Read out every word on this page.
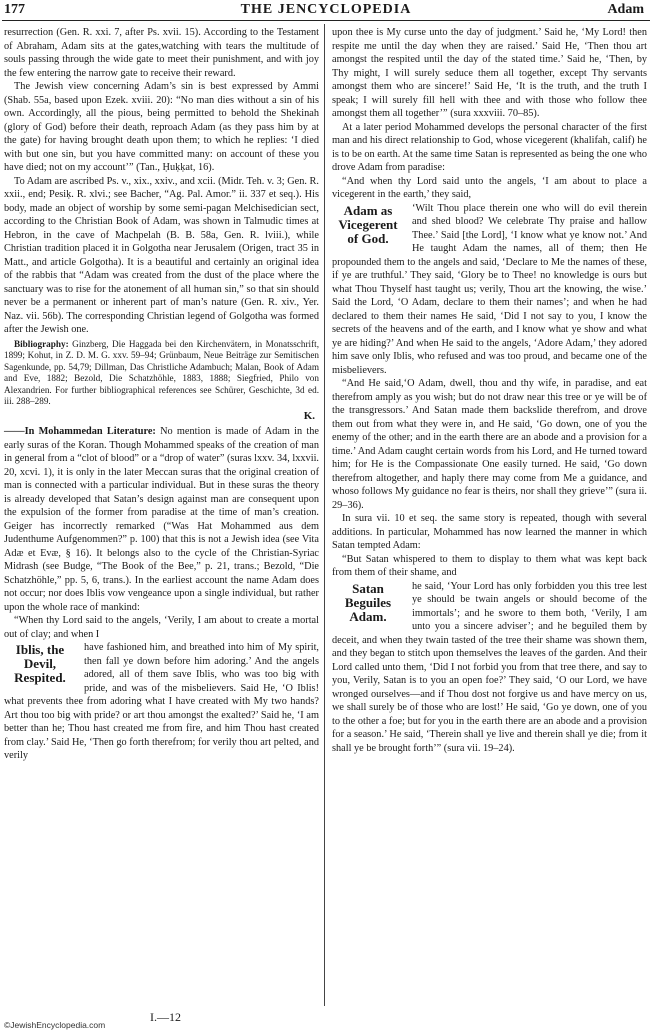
177	THE JENCYCLOPEDIA	Adam

resurrection (Gen. R. xxi. 7, after Ps. xvii. 15). According to the Testament of Abraham, Adam sits at the gates,watching with tears the multitude of souls passing through the wide gate to meet their punishment, and with joy the few entering the narrow gate to receive their reward.

The Jewish view concerning Adam’s sin is best expressed by Ammi (Shab. 55a, based upon Ezek. xviii. 20): “No man dies without a sin of his own. Accordingly, all the pious, being permitted to behold the Shekinah (glory of God) before their death, reproach Adam (as they pass him by at the gate) for having brought death upon them; to which he replies: ‘I died with but one sin, but you have committed many: on account of these you have died; not on my account’” (Tan., Ḥuḳḳat, 16).

To Adam are ascribed Ps. v., xix., xxiv., and xcii. (Midr. Teh. v. 3; Gen. R. xxii., end; Pesiḳ. R. xlvi.; see Bacher, “Ag. Pal. Amor.” ii. 337 et seq.). His body, made an object of worship by some semi-pagan Melchisedician sect, according to the Christian Book of Adam, was shown in Talmudic times at Hebron, in the cave of Machpelah (B. B. 58a, Gen. R. lviii.), while Christian tradition placed it in Golgotha near Jerusalem (Origen, tract 35 in Matt., and article Golgotha). It is a beautiful and certainly an original idea of the rabbis that “Adam was created from the dust of the place where the sanctuary was to rise for the atonement of all human sin,” so that sin should never be a permanent or inherent part of man’s nature (Gen. R. xiv., Yer. Naz. vii. 56b). The corresponding Christian legend of Golgotha was formed after the Jewish one.

Bibliography: Ginzberg, Die Haggada bei den Kirchenvätern, in Monatsschrift, 1899; Kohut, in Z. D. M. G. xxv. 59–94; Grünbaum, Neue Beiträge zur Semitischen Sagenkunde, pp. 54,79; Dillman, Das Christliche Adambuch; Malan, Book of Adam and Eve, 1882; Bezold, Die Schatzhöhle, 1883, 1888; Siegfried, Philo von Alexandrien. For further bibliographical references see Schürer, Geschichte, 3d ed. iii. 288–289.

K.

——In Mohammedan Literature: No mention is made of Adam in the early suras of the Koran. Though Mohammed speaks of the creation of man in general from a “clot of blood” or a “drop of water” (suras lxxv. 34, lxxvii. 20, xcvi. 1), it is only in the later Meccan suras that the original creation of man is connected with a particular individual. But in these suras the theory is already developed that Satan’s design against man are consequent upon the expulsion of the former from paradise at the time of man’s creation. Geiger has incorrectly remarked (“Was Hat Mohammed aus dem Judenthume Aufgenommen?” p. 100) that this is not a Jewish idea (see Vita Adæ et Evæ, § 16). It belongs also to the cycle of the Christian-Syriac Midrash (see Budge, “The Book of the Bee,” p. 21, trans.; Bezold, “Die Schatzhöhle,” pp. 5, 6, trans.). In the earliest account the name Adam does not occur; nor does Iblis vow vengeance upon a single individual, but rather upon the whole race of mankind:

“When thy Lord said to the angels, ‘Verily, I am about to create a mortal out of clay; and when I

Iblis, the Devil, Respited.

have fashioned him, and breathed into him of My spirit, then fall ye down before him adoring.’ And the angels adored, all of them save Iblis, who was too big with pride, and was of the misbelievers. Said He, ‘O Iblis! what prevents thee from adoring what I have created with My two hands? Art thou too big with pride? or art thou amongst the exalted?’ Said he, ‘I am better than he; Thou hast created me from fire, and him Thou hast created from clay.’ Said He, ‘Then go forth therefrom; for verily thou art pelted, and verily

upon thee is My curse unto the day of judgment.’ Said he, ‘My Lord! then respite me until the day when they are raised.’ Said He, ‘Then thou art amongst the respited until the day of the stated time.’ Said he, ‘Then, by Thy might, I will surely seduce them all together, except Thy servants amongst them who are sincere!’ Said He, ‘It is the truth, and the truth I speak; I will surely fill hell with thee and with those who follow thee amongst them all together’” (sura xxxviii. 70–85).

At a later period Mohammed develops the personal character of the first man and his direct relationship to God, whose vicegerent (khalifah, calif) he is to be on earth. At the same time Satan is represented as being the one who drove Adam from paradise:

“And when thy Lord said unto the angels, ‘I am about to place a vicegerent in the earth,’ they said,

Adam as Vicegerent of God.

‘Wilt Thou place therein one who will do evil therein and shed blood? We celebrate Thy praise and hallow Thee.’ Said [the Lord], ‘I know what ye know not.’ And He taught Adam the names, all of them; then He propounded them to the angels and said, ‘Declare to Me the names of these, if ye are truthful.’ They said, ‘Glory be to Thee! no knowledge is ours but what Thou Thyself hast taught us; verily, Thou art the knowing, the wise.’ Said the Lord, ‘O Adam, declare to them their names’; and when he had declared to them their names He said, ‘Did I not say to you, I know the secrets of the heavens and of the earth, and I know what ye show and what ye are hiding?’ And when He said to the angels, ‘Adore Adam,’ they adored him save only Iblis, who refused and was too proud, and became one of the misbelievers.

“And He said,‘O Adam, dwell, thou and thy wife, in paradise, and eat therefrom amply as you wish; but do not draw near this tree or ye will be of the transgressors.’ And Satan made them backslide therefrom, and drove them out from what they were in, and He said, ‘Go down, one of you the enemy of the other; and in the earth there are an abode and a provision for a time.’ And Adam caught certain words from his Lord, and He turned toward him; for He is the Compassionate One easily turned. He said, ‘Go down therefrom altogether, and haply there may come from Me a guidance, and whoso follows My guidance no fear is theirs, nor shall they grieve’” (sura ii. 29–36).

In sura vii. 10 et seq. the same story is repeated, though with several additions. In particular, Mohammed has now learned the manner in which Satan tempted Adam:

“But Satan whispered to them to display to them what was kept back from them of their shame, and

Satan Beguiles Adam.

he said, ‘Your Lord has only forbidden you this tree lest ye should be twain angels or should become of the immortals’; and he swore to them both, ‘Verily, I am unto you a sincere adviser’; and he beguiled them by deceit, and when they twain tasted of the tree their shame was shown them, and they began to stitch upon themselves the leaves of the garden. And their Lord called unto them, ‘Did I not forbid you from that tree there, and say to you, Verily, Satan is to you an open foe?’ They said, ‘O our Lord, we have wronged ourselves—and if Thou dost not forgive us and have mercy on us, we shall surely be of those who are lost!’ He said, ‘Go ye down, one of you to the other a foe; but for you in the earth there are an abode and a provision for a season.’ He said, ‘Therein shall ye live and therein shall ye die; from it shall ye be brought forth’” (sura vii. 19–24).

I.—12
©JewishEncyclopedia.com
